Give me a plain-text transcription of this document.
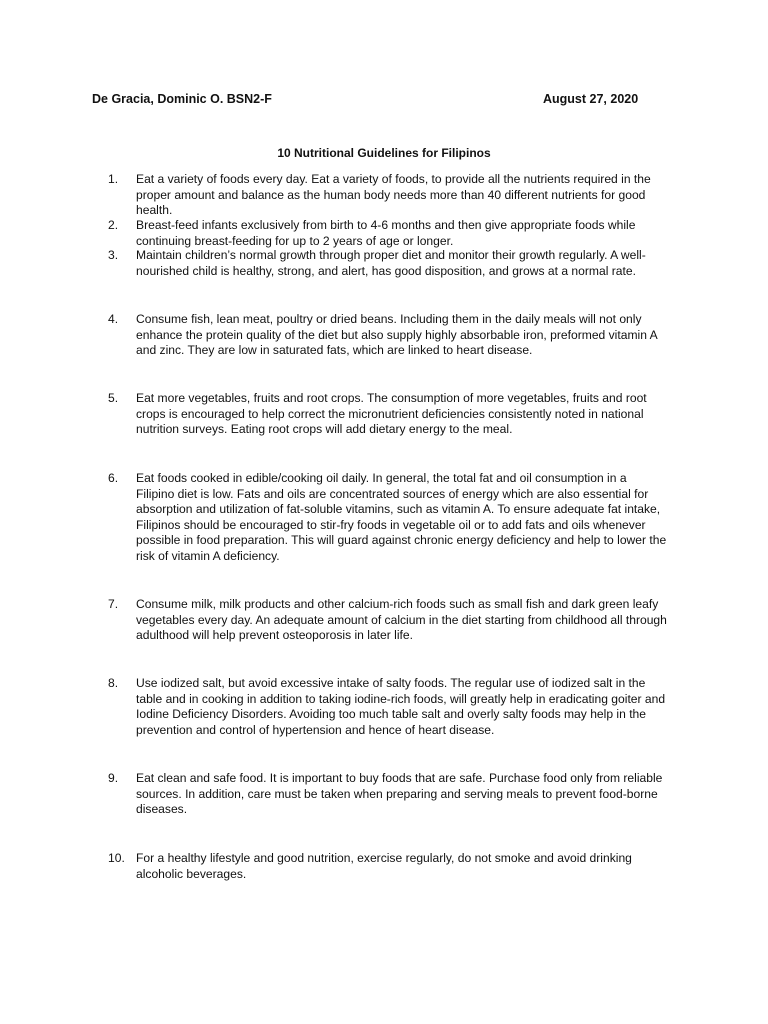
De Gracia, Dominic O. BSN2-F	August 27, 2020
10 Nutritional Guidelines for Filipinos
1.	Eat a variety of foods every day. Eat a variety of foods, to provide all the nutrients required in the proper amount and balance as the human body needs more than 40 different nutrients for good health.
2.	Breast-feed infants exclusively from birth to 4-6 months and then give appropriate foods while continuing breast-feeding for up to 2 years of age or longer.
3.	Maintain children’s normal growth through proper diet and monitor their growth regularly. A well-nourished child is healthy, strong, and alert, has good disposition, and grows at a normal rate.
4.	Consume fish, lean meat, poultry or dried beans. Including them in the daily meals will not only enhance the protein quality of the diet but also supply highly absorbable iron, preformed vitamin A and zinc. They are low in saturated fats, which are linked to heart disease.
5.	Eat more vegetables, fruits and root crops. The consumption of more vegetables, fruits and root crops is encouraged to help correct the micronutrient deficiencies consistently noted in national nutrition surveys. Eating root crops will add dietary energy to the meal.
6.	Eat foods cooked in edible/cooking oil daily. In general, the total fat and oil consumption in a Filipino diet is low. Fats and oils are concentrated sources of energy which are also essential for absorption and utilization of fat-soluble vitamins, such as vitamin A. To ensure adequate fat intake, Filipinos should be encouraged to stir-fry foods in vegetable oil or to add fats and oils whenever possible in food preparation. This will guard against chronic energy deficiency and help to lower the risk of vitamin A deficiency.
7.	Consume milk, milk products and other calcium-rich foods such as small fish and dark green leafy vegetables every day. An adequate amount of calcium in the diet starting from childhood all through adulthood will help prevent osteoporosis in later life.
8.	Use iodized salt, but avoid excessive intake of salty foods. The regular use of iodized salt in the table and in cooking in addition to taking iodine-rich foods, will greatly help in eradicating goiter and Iodine Deficiency Disorders. Avoiding too much table salt and overly salty foods may help in the prevention and control of hypertension and hence of heart disease.
9.	Eat clean and safe food. It is important to buy foods that are safe. Purchase food only from reliable sources. In addition, care must be taken when preparing and serving meals to prevent food-borne diseases.
10. For a healthy lifestyle and good nutrition, exercise regularly, do not smoke and avoid drinking alcoholic beverages.
